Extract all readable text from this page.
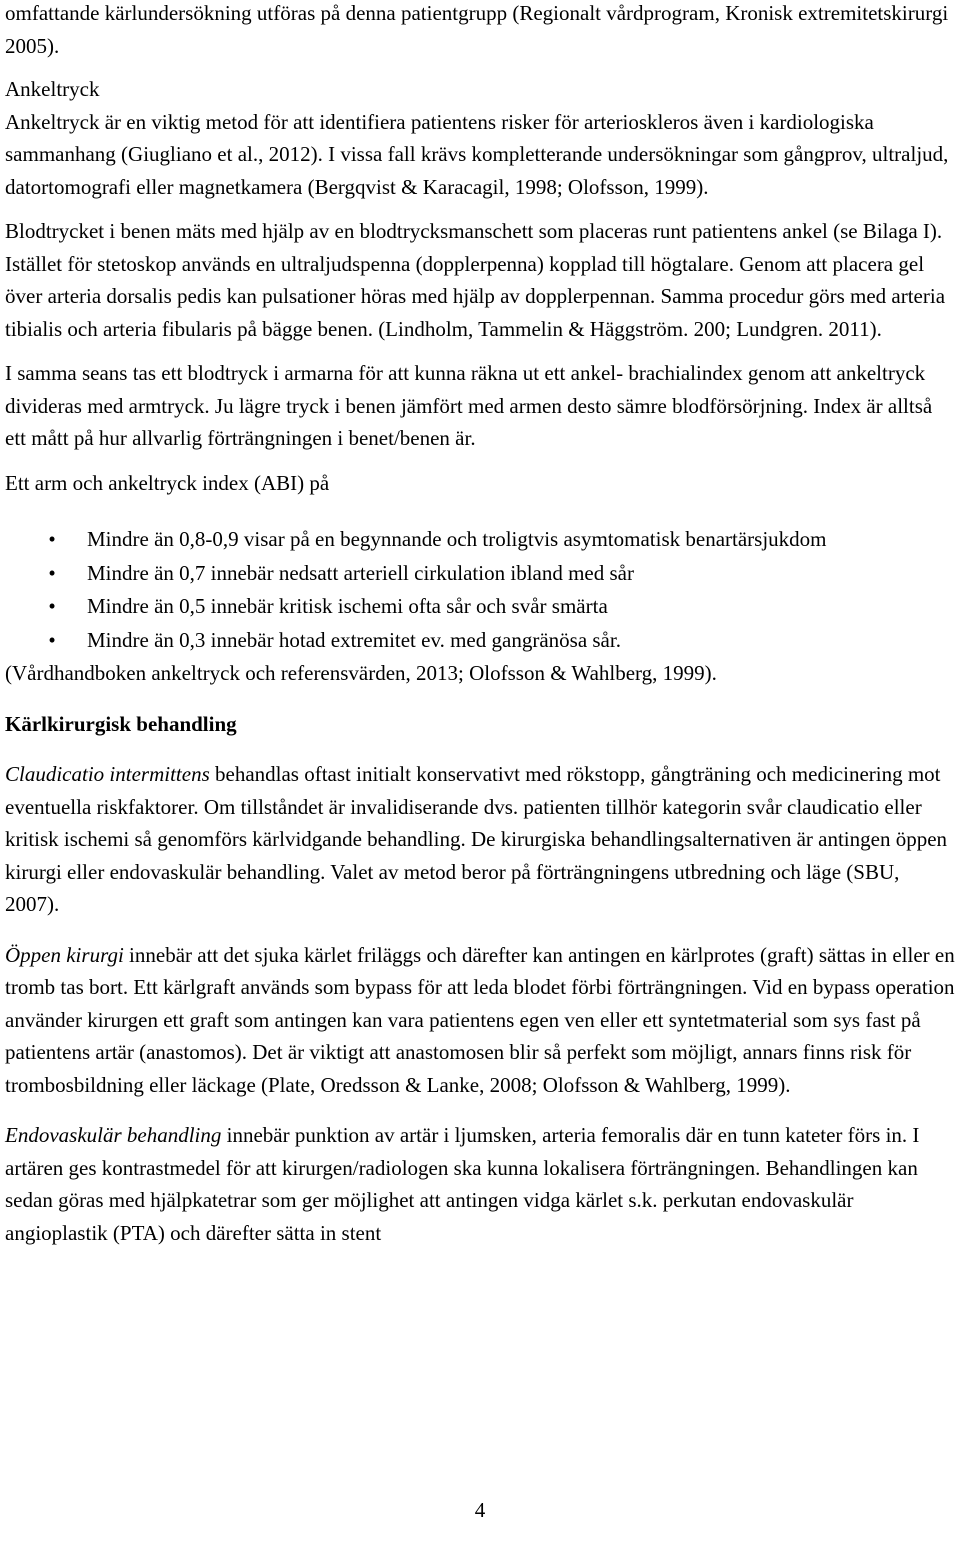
omfattande kärlundersökning utföras på denna patientgrupp (Regionalt vårdprogram, Kronisk extremitetskirurgi 2005).

Ankeltryck

Ankeltryck är en viktig metod för att identifiera patientens risker för arterioskleros även i kardiologiska sammanhang (Giugliano et al., 2012). I vissa fall krävs kompletterande undersökningar som gångprov, ultraljud, datortomografi eller magnetkamera (Bergqvist & Karacagil, 1998; Olofsson, 1999).

Blodtrycket i benen mäts med hjälp av en blodtrycksmanschett som placeras runt patientens ankel (se Bilaga I). Istället för stetoskop används en ultraljudspenna (dopplerpenna) kopplad till högtalare. Genom att placera gel över arteria dorsalis pedis kan pulsationer höras med hjälp av dopplerpennan. Samma procedur görs med arteria tibialis och arteria fibularis på bägge benen. (Lindholm, Tammelin & Häggström. 200; Lundgren. 2011).

I samma seans tas ett blodtryck i armarna för att kunna räkna ut ett ankel- brachialindex genom att ankeltryck divideras med armtryck. Ju lägre tryck i benen jämfört med armen desto sämre blodförsörjning. Index är alltså ett mått på hur allvarlig förträngningen i benet/benen är.

Ett arm och ankeltryck index (ABI) på

•	Mindre än 0,8-0,9 visar på en begynnande och troligtvis asymtomatisk benartärsjukdom
•	Mindre än 0,7 innebär nedsatt arteriell cirkulation ibland med sår
•	Mindre än 0,5 innebär kritisk ischemi ofta sår och svår smärta
•	Mindre än 0,3 innebär hotad extremitet ev. med gangränösa sår.

(Vårdhandboken ankeltryck och referensvärden, 2013; Olofsson & Wahlberg, 1999).

Kärlkirurgisk behandling

Claudicatio intermittens behandlas oftast initialt konservativt med rökstopp, gångträning och medicinering mot eventuella riskfaktorer. Om tillståndet är invalidiserande dvs. patienten tillhör kategorin svår claudicatio eller kritisk ischemi så genomförs kärlvidgande behandling. De kirurgiska behandlingsalternativen är antingen öppen kirurgi eller endovaskulär behandling. Valet av metod beror på förträngningens utbredning och läge (SBU, 2007).

Öppen kirurgi innebär att det sjuka kärlet friläggs och därefter kan antingen en kärlprotes (graft) sättas in eller en tromb tas bort. Ett kärlgraft används som bypass för att leda blodet förbi förträngningen. Vid en bypass operation använder kirurgen ett graft som antingen kan vara patientens egen ven eller ett syntetmaterial som sys fast på patientens artär (anastomos). Det är viktigt att anastomosen blir så perfekt som möjligt, annars finns risk för trombosbildning eller läckage (Plate, Oredsson & Lanke, 2008; Olofsson & Wahlberg, 1999).

Endovaskulär behandling innebär punktion av artär i ljumsken, arteria femoralis där en tunn kateter förs in. I artären ges kontrastmedel för att kirurgen/radiologen ska kunna lokalisera förträngningen. Behandlingen kan sedan göras med hjälpkatetrar som ger möjlighet att antingen vidga kärlet s.k. perkutan endovaskulär angioplastik (PTA) och därefter sätta in stent

4
